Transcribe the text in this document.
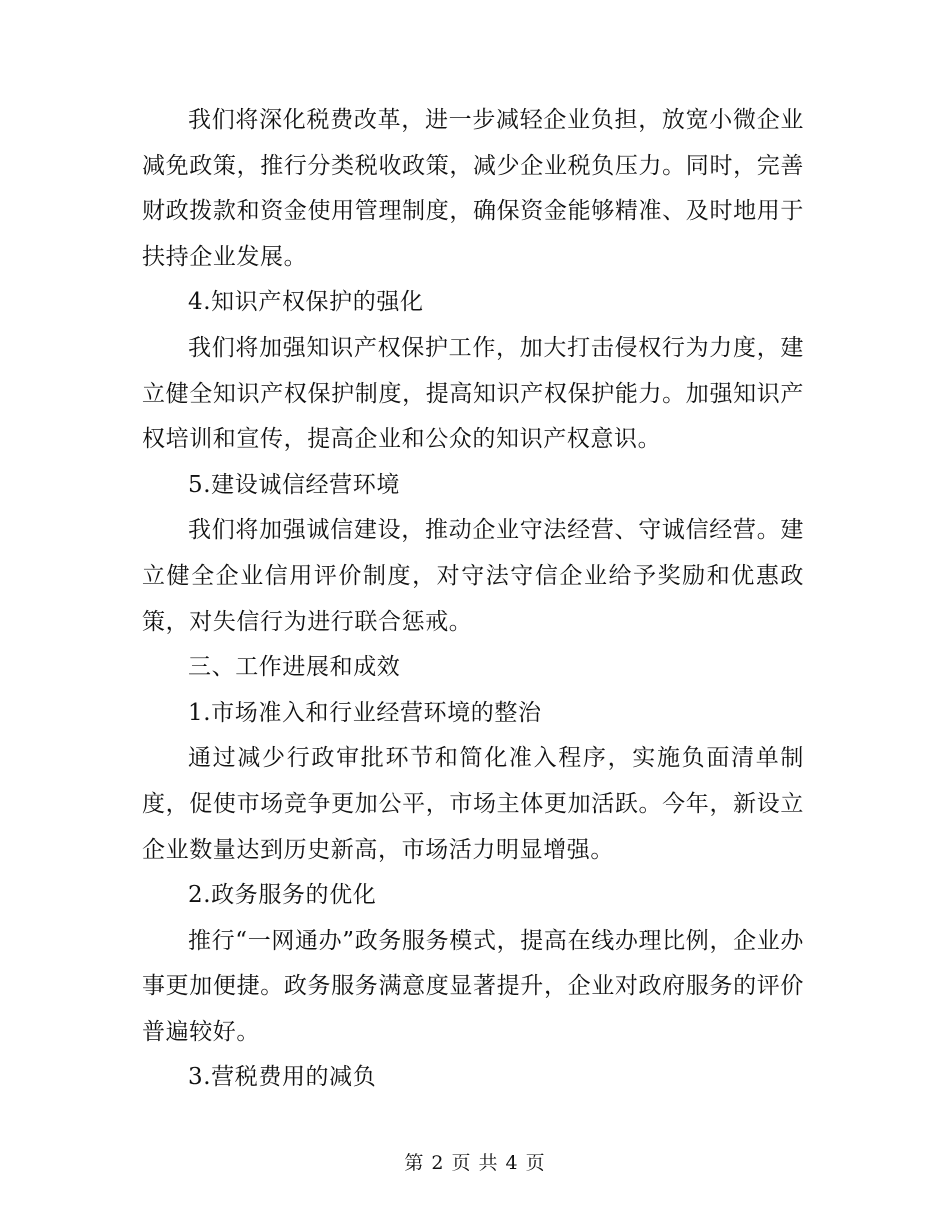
我们将深化税费改革，进一步减轻企业负担，放宽小微企业减免政策，推行分类税收政策，减少企业税负压力。同时，完善财政拨款和资金使用管理制度，确保资金能够精准、及时地用于扶持企业发展。

4.知识产权保护的强化

我们将加强知识产权保护工作，加大打击侵权行为力度，建立健全知识产权保护制度，提高知识产权保护能力。加强知识产权培训和宣传，提高企业和公众的知识产权意识。

5.建设诚信经营环境

我们将加强诚信建设，推动企业守法经营、守诚信经营。建立健全企业信用评价制度，对守法守信企业给予奖励和优惠政策，对失信行为进行联合惩戒。

三、工作进展和成效

1.市场准入和行业经营环境的整治

通过减少行政审批环节和简化准入程序，实施负面清单制度，促使市场竞争更加公平，市场主体更加活跃。今年，新设立企业数量达到历史新高，市场活力明显增强。

2.政务服务的优化

推行“一网通办”政务服务模式，提高在线办理比例，企业办事更加便捷。政务服务满意度显著提升，企业对政府服务的评价普遍较好。

3.营税费用的减负

第 2 页 共 4 页
